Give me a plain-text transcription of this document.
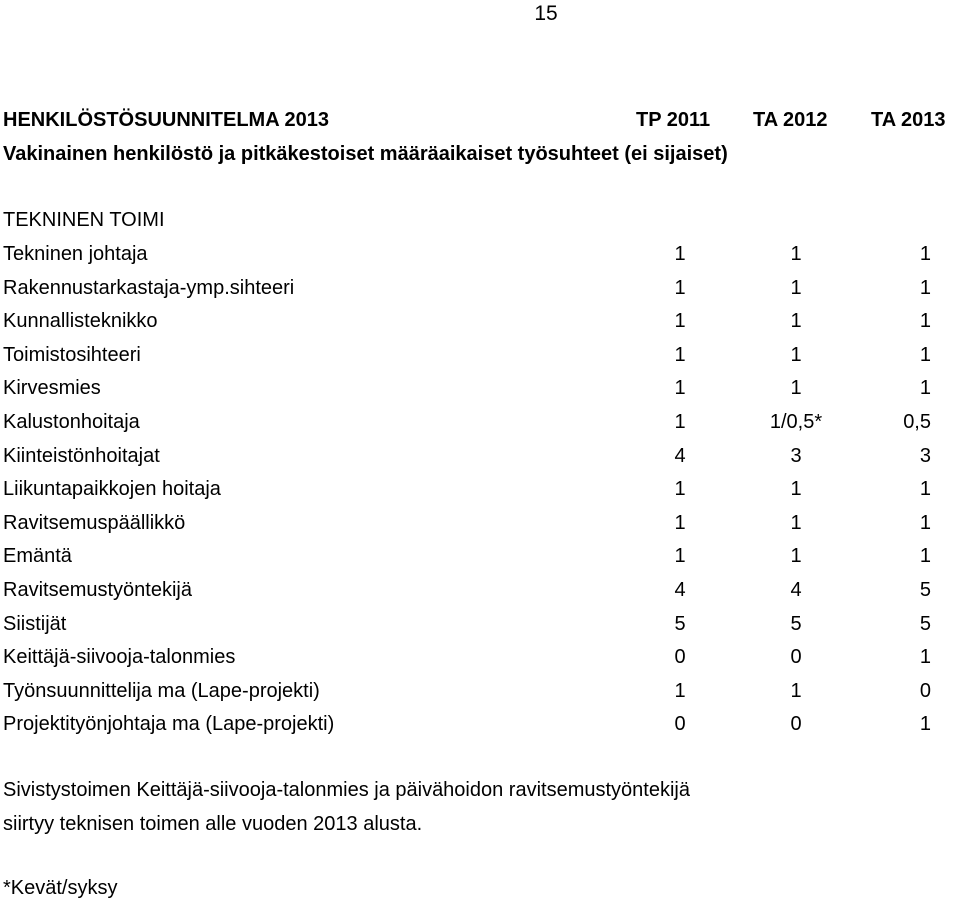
15
HENKILÖSTÖSUUNNITELMA 2013	TP 2011 TA 2012 TA 2013
Vakinainen henkilöstö ja pitkäkestoiset määräaikaiset työsuhteet (ei sijaiset)
TEKNINEN TOIMI
Tekninen johtaja	1	1	1
Rakennustarkastaja-ymp.sihteeri	1	1	1
Kunnallisteknikko	1	1	1
Toimistosihteeri	1	1	1
Kirvesmies	1	1	1
Kalustonhoitaja	1	1/0,5*	0,5
Kiinteistönhoitajat	4	3	3
Liikuntapaikkojen hoitaja	1	1	1
Ravitsemuspäällikkö	1	1	1
Emäntä	1	1	1
Ravitsemustyöntekijä	4	4	5
Siistijät	5	5	5
Keittäjä-siivooja-talonmies	0	0	1
Työnsuunnittelija ma (Lape-projekti)	1	1	0
Projektityönjohtaja ma (Lape-projekti)	0	0	1
Sivistystoimen Keittäjä-siivooja-talonmies ja päivähoidon ravitsemustyöntekijä
siirtyy teknisen toimen alle vuoden 2013 alusta.
*Kevät/syksy
